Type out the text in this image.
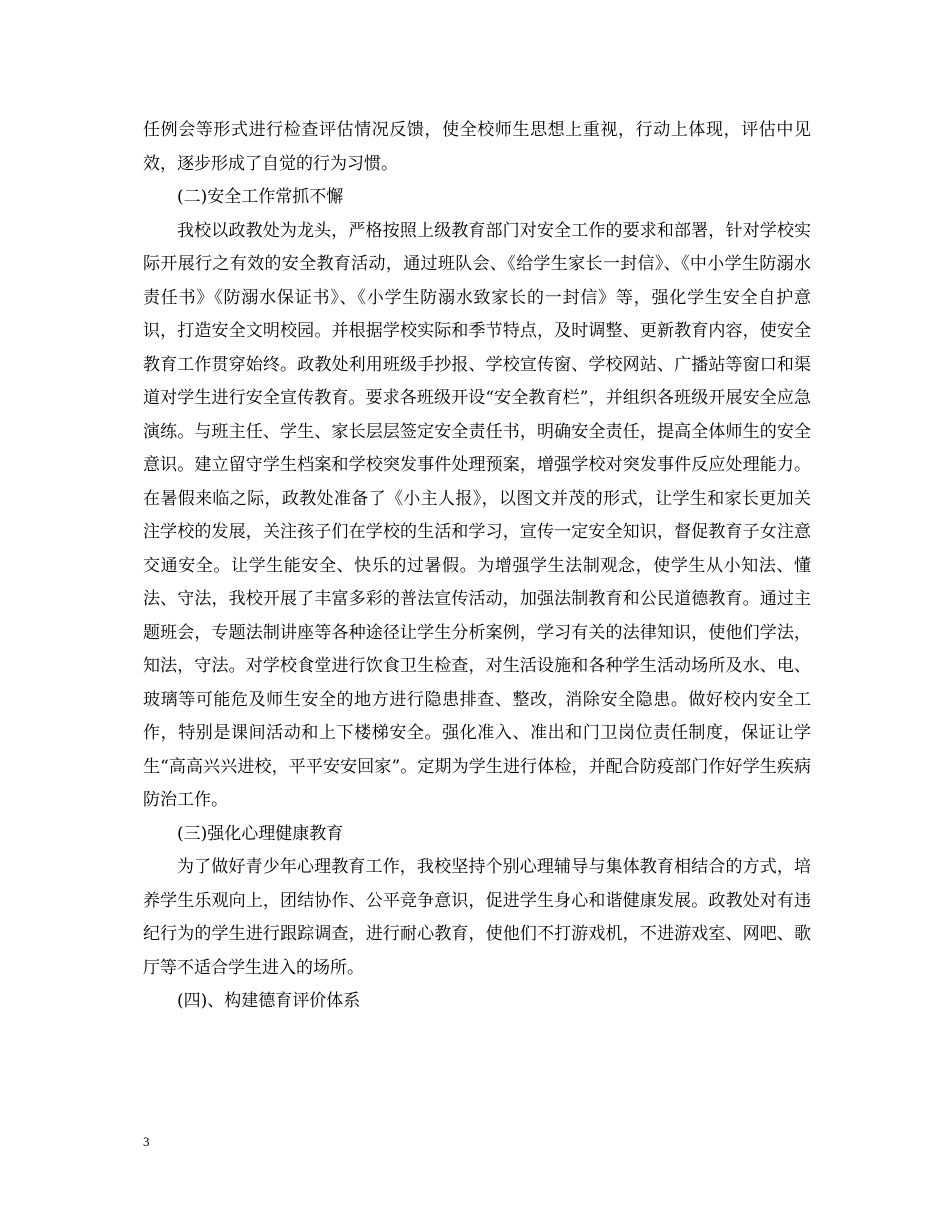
任例会等形式进行检查评估情况反馈，使全校师生思想上重视，行动上体现，评估中见效，逐步形成了自觉的行为习惯。

(二)安全工作常抓不懈

我校以政教处为龙头，严格按照上级教育部门对安全工作的要求和部署，针对学校实际开展行之有效的安全教育活动，通过班队会、《给学生家长一封信》、《中小学生防溺水责任书》《防溺水保证书》、《小学生防溺水致家长的一封信》等，强化学生安全自护意识，打造安全文明校园。并根据学校实际和季节特点，及时调整、更新教育内容，使安全教育工作贯穿始终。政教处利用班级手抄报、学校宣传窗、学校网站、广播站等窗口和渠道对学生进行安全宣传教育。要求各班级开设“安全教育栏”，并组织各班级开展安全应急演练。与班主任、学生、家长层层签定安全责任书，明确安全责任，提高全体师生的安全意识。建立留守学生档案和学校突发事件处理预案，增强学校对突发事件反应处理能力。 在暑假来临之际，政教处准备了《小主人报》，以图文并茂的形式，让学生和家长更加关注学校的发展，关注孩子们在学校的生活和学习，宣传一定安全知识，督促教育子女注意交通安全。让学生能安全、快乐的过暑假。为增强学生法制观念，使学生从小知法、懂法、守法，我校开展了丰富多彩的普法宣传活动，加强法制教育和公民道德教育。通过主题班会，专题法制讲座等各种途径让学生分析案例，学习有关的法律知识，使他们学法，知法，守法。对学校食堂进行饮食卫生检查，对生活设施和各种学生活动场所及水、电、玻璃等可能危及师生安全的地方进行隐患排查、整改，消除安全隐患。做好校内安全工作，特别是课间活动和上下楼梯安全。强化准入、准出和门卫岗位责任制度，保证让学生“高高兴兴进校，平平安安回家”。定期为学生进行体检，并配合防疫部门作好学生疾病防治工作。

(三)强化心理健康教育

为了做好青少年心理教育工作，我校坚持个别心理辅导与集体教育相结合的方式，培养学生乐观向上，团结协作、公平竞争意识，促进学生身心和谐健康发展。政教处对有违纪行为的学生进行跟踪调查，进行耐心教育，使他们不打游戏机，不进游戏室、网吧、歌厅等不适合学生进入的场所。

(四)、构建德育评价体系

3
